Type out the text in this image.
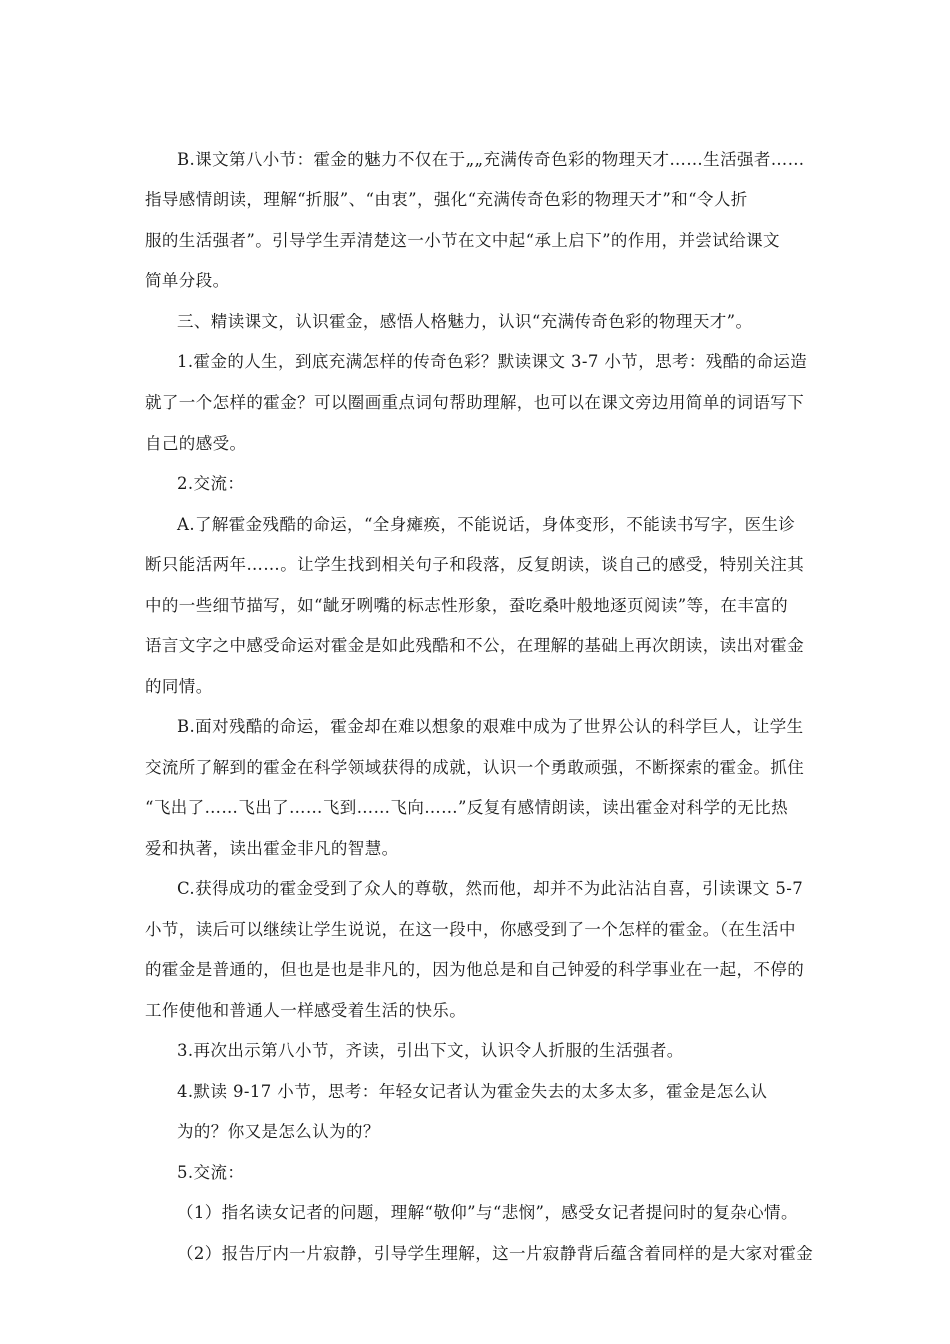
B.课文第八小节：霍金的魅力不仅在于„„充满传奇色彩的物理天才……生活强者……
指导感情朗读，理解“折服”、“由衷”，强化“充满传奇色彩的物理天才”和“令人折
服的生活强者”。引导学生弄清楚这一小节在文中起“承上启下”的作用，并尝试给课文
简单分段。
三、精读课文，认识霍金，感悟人格魅力，认识“充满传奇色彩的物理天才”。
1.霍金的人生，到底充满怎样的传奇色彩？默读课文 3-7 小节，思考：残酷的命运造
就了一个怎样的霍金？可以圈画重点词句帮助理解，也可以在课文旁边用简单的词语写下
自己的感受。
2.交流：
A.了解霍金残酷的命运，“全身瘫痪，不能说话，身体变形，不能读书写字，医生诊
断只能活两年……。让学生找到相关句子和段落，反复朗读，谈自己的感受，特别关注其
中的一些细节描写，如“龇牙咧嘴的标志性形象，蚕吃桑叶般地逐页阅读”等，在丰富的
语言文字之中感受命运对霍金是如此残酷和不公，在理解的基础上再次朗读，读出对霍金
的同情。
B.面对残酷的命运，霍金却在难以想象的艰难中成为了世界公认的科学巨人，让学生
交流所了解到的霍金在科学领域获得的成就，认识一个勇敢顽强，不断探索的霍金。抓住
“飞出了……飞出了……飞到……飞向……”反复有感情朗读，读出霍金对科学的无比热
爱和执著，读出霍金非凡的智慧。
C.获得成功的霍金受到了众人的尊敬，然而他，却并不为此沾沾自喜，引读课文 5-7
小节，读后可以继续让学生说说，在这一段中，你感受到了一个怎样的霍金。（在生活中
的霍金是普通的，但也是也是非凡的，因为他总是和自己钟爱的科学事业在一起，不停的
工作使他和普通人一样感受着生活的快乐。
3.再次出示第八小节，齐读，引出下文，认识令人折服的生活强者。
4.默读 9-17 小节，思考：年轻女记者认为霍金失去的太多太多，霍金是怎么认
为的？你又是怎么认为的？
5.交流：
（1）指名读女记者的问题，理解“敬仰”与“悲悯”，感受女记者提问时的复杂心情。
（2）报告厅内一片寂静，引导学生理解，这一片寂静背后蕴含着同样的是大家对霍金
